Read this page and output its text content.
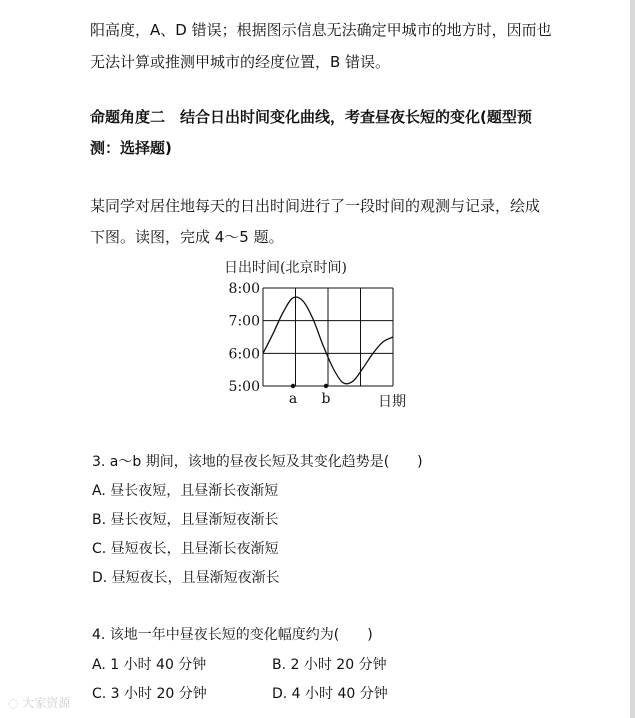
阳高度，A、D 错误；根据图示信息无法确定甲城市的地方时，因而也
无法计算或推测甲城市的经度位置，B 错误。
命题角度二　结合日出时间变化曲线，考查昼夜长短的变化(题型预
测：选择题)
某同学对居住地每天的日出时间进行了一段时间的观测与记录，绘成
下图。读图，完成 4～5 题。
日出时间(北京时间)
8:00
7:00
6:00
5:00
a b	日期
3. a～b 期间，该地的昼夜长短及其变化趋势是(　　)
A. 昼长夜短，且昼渐长夜渐短
B. 昼长夜短，且昼渐短夜渐长
C. 昼短夜长，且昼渐长夜渐短
D. 昼短夜长，且昼渐短夜渐长
4. 该地一年中昼夜长短的变化幅度约为(　　)
A. 1 小时 40 分钟	B. 2 小时 20 分钟
C. 3 小时 20 分钟	D. 4 小时 40 分钟
◌ 大家资源
